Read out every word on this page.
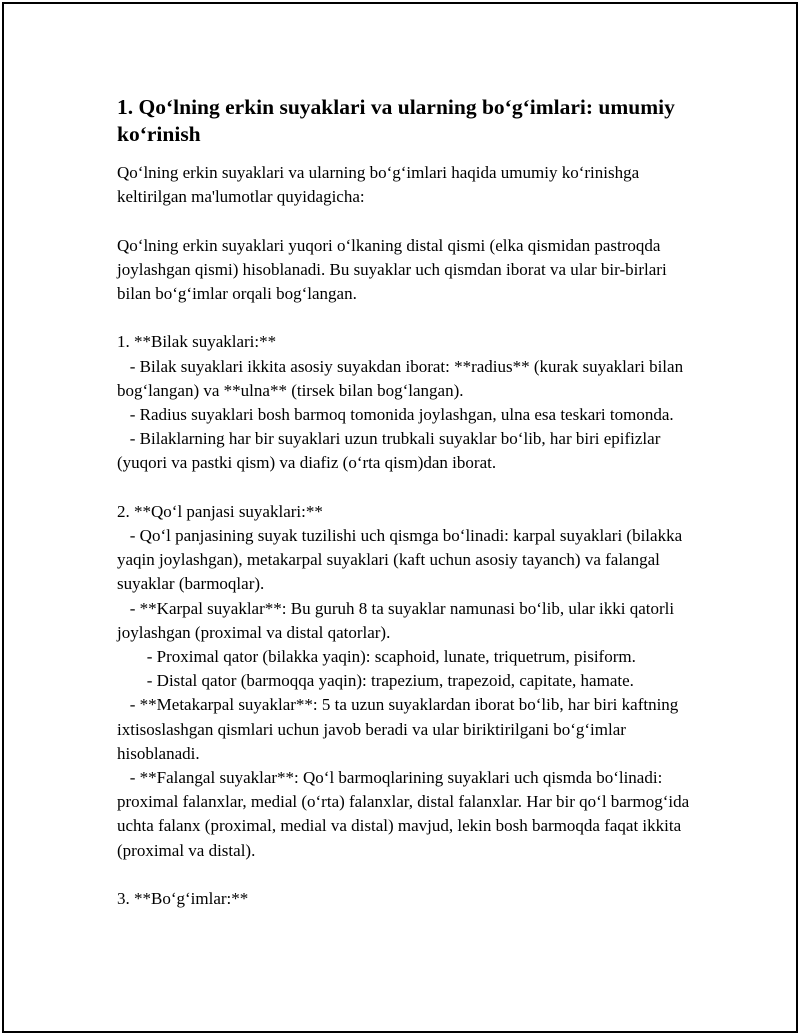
1. Qo‘lning erkin suyaklari va ularning bo‘g‘imlari: umumiy ko‘rinish

Qo‘lning erkin suyaklari va ularning bo‘g‘imlari haqida umumiy ko‘rinishga keltirilgan ma'lumotlar quyidagicha:

Qo‘lning erkin suyaklari yuqori o‘lkaning distal qismi (elka qismidan pastroqda joylashgan qismi) hisoblanadi. Bu suyaklar uch qismdan iborat va ular bir-birlari bilan bo‘g‘imlar orqali bog‘langan.

1. **Bilak suyaklari:**
- Bilak suyaklari ikkita asosiy suyakdan iborat: **radius** (kurak suyaklari bilan bog‘langan) va **ulna** (tirsek bilan bog‘langan).
- Radius suyaklari bosh barmoq tomonida joylashgan, ulna esa teskari tomonda.
- Bilaklarning har bir suyaklari uzun trubkali suyaklar bo‘lib, har biri epifizlar (yuqori va pastki qism) va diafiz (o‘rta qism)dan iborat.

2. **Qo‘l panjasi suyaklari:**
- Qo‘l panjasining suyak tuzilishi uch qismga bo‘linadi: karpal suyaklari (bilakka yaqin joylashgan), metakarpal suyaklari (kaft uchun asosiy tayanch) va falangal suyaklar (barmoqlar).
- **Karpal suyaklar**: Bu guruh 8 ta suyaklar namunasi bo‘lib, ular ikki qatorli joylashgan (proximal va distal qatorlar).
- Proximal qator (bilakka yaqin): scaphoid, lunate, triquetrum, pisiform.
- Distal qator (barmoqqa yaqin): trapezium, trapezoid, capitate, hamate.
- **Metakarpal suyaklar**: 5 ta uzun suyaklardan iborat bo‘lib, har biri kaftning ixtisoslashgan qismlari uchun javob beradi va ular biriktirilgani bo‘g‘imlar hisoblanadi.
- **Falangal suyaklar**: Qo‘l barmoqlarining suyaklari uch qismda bo‘linadi: proximal falanxlar, medial (o‘rta) falanxlar, distal falanxlar. Har bir qo‘l barmog‘ida uchta falanx (proximal, medial va distal) mavjud, lekin bosh barmoqda faqat ikkita (proximal va distal).

3. **Bo‘g‘imlar:**
